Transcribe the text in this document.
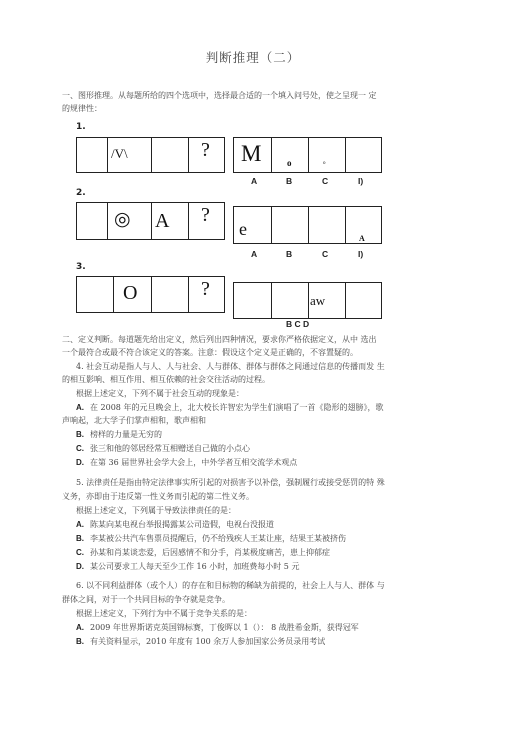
判断推理（二）
一、图形推理。从每题所给的四个选项中，选择最合适的一个填入问号处，使之呈现一 定
的规律性：
1.
/V\	? M	o	o
A	B	C	I)
2.
◎ A ?
e	A
A	B	C	I)
3.
O	?
aw
B C D
二、定义判断。每道题先给出定义，然后列出四种情况，要求你严格依据定义，从中 选出
一个最符合或最不符合该定义的答案。注意：假设这个定义是正确的，不容置疑的。
4. 社会互动是指人与人、人与社会、人与群体、群体与群体之间通过信息的传播而发 生
的相互影响、相互作用、相互依赖的社会交往活动的过程。
根据上述定义，下列不属于社会互动的现象是：
A. 在 2008 年的元旦晚会上，北大校长许智宏为学生们演唱了一首《隐形的翅膀》，歌
声响起，北大学子们掌声相和，歌声相和
B. 榜样的力量是无穷的
C. 张三和他的邻居经常互相赠送自己做的小点心
D. 在第 36 届世界社会学大会上，中外学者互相交流学术观点
5. 法律责任是指由特定法律事实所引起的对损害予以补偿，强制履行或接受惩罚的特 殊
义务，亦即由于违反第一性义务而引起的第二性义务。
根据上述定义，下列属于导致法律责任的是：
A. 陈某向某电视台举报揭露某公司造假，电视台没报道
B. 李某被公共汽车售票员提醒后，仍不给残疾人王某让座，结果王某被挤伤
C. 孙某和肖某谈恋爱，后因感情不和分手，肖某极度痛苦，患上抑郁症
D. 某公司要求工人每天至少工作 16 小时，加班费每小时 5 元
6. 以不同利益群体（或个人）的存在和目标物的稀缺为前提的，社会上人与人、群体 与
群体之间，对于一个共同目标的争夺就是竞争。
根据上述定义，下列行为中不属于竞争关系的是：
A. 2009 年世界斯诺克英国锦标赛，丁俊晖以 1（）： 8 战胜希金斯，获得冠军
B. 有关资料显示，2010 年度有 100 余万人参加国家公务员录用考试
